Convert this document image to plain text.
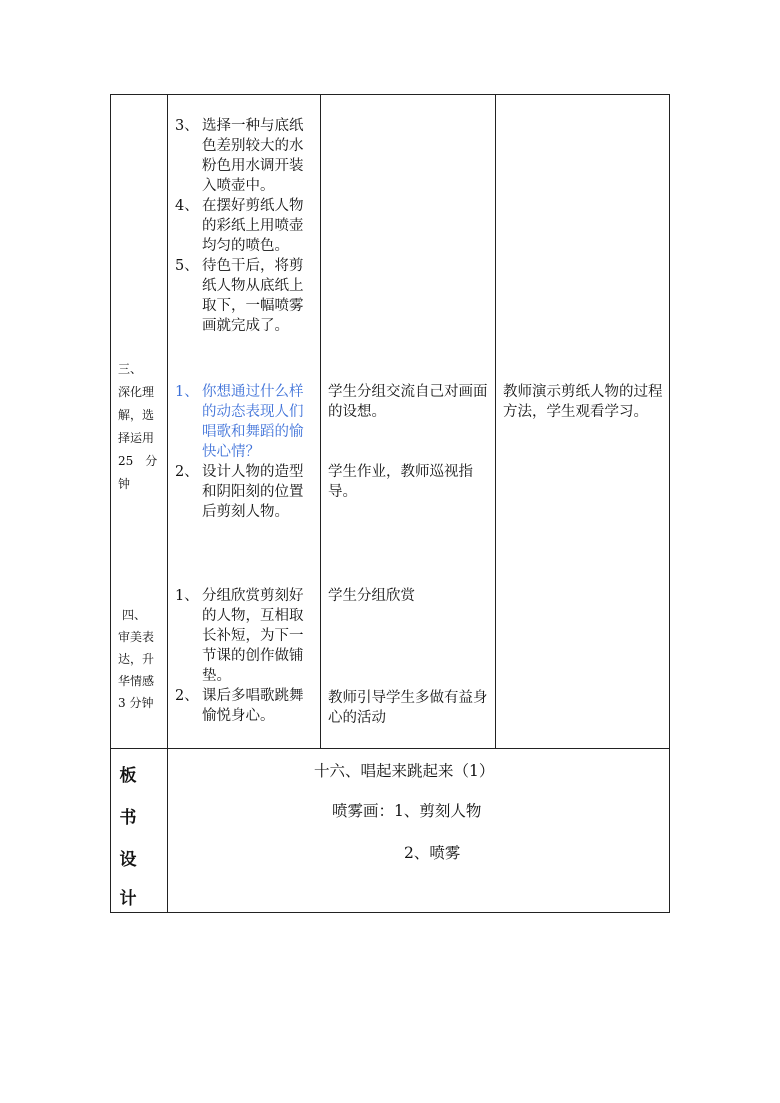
三、
深化理
解，选
择运用
25　分
钟
3、 选择一种与底纸色差别较大的水粉色用水调开装入喷壶中。
4、 在摆好剪纸人物的彩纸上用喷壶均匀的喷色。
5、 待色干后，将剪纸人物从底纸上取下，一幅喷雾画就完成了。
1、 你想通过什么样的动态表现人们唱歌和舞蹈的愉快心情？
2、 设计人物的造型和阴阳刻的位置后剪刻人物。
学生分组交流自己对画面的设想。
学生作业，教师巡视指导。
教师演示剪纸人物的过程方法，学生观看学习。
四、
审美表
达，升
华情感
3 分钟
1、 分组欣赏剪刻好的人物，互相取长补短，为下一节课的创作做铺垫。
2、 课后多唱歌跳舞愉悦身心。
学生分组欣赏
教师引导学生多做有益身心的活动
板
书
设
计
十六、唱起来跳起来（1）
喷雾画：1、剪刻人物
2、喷雾
